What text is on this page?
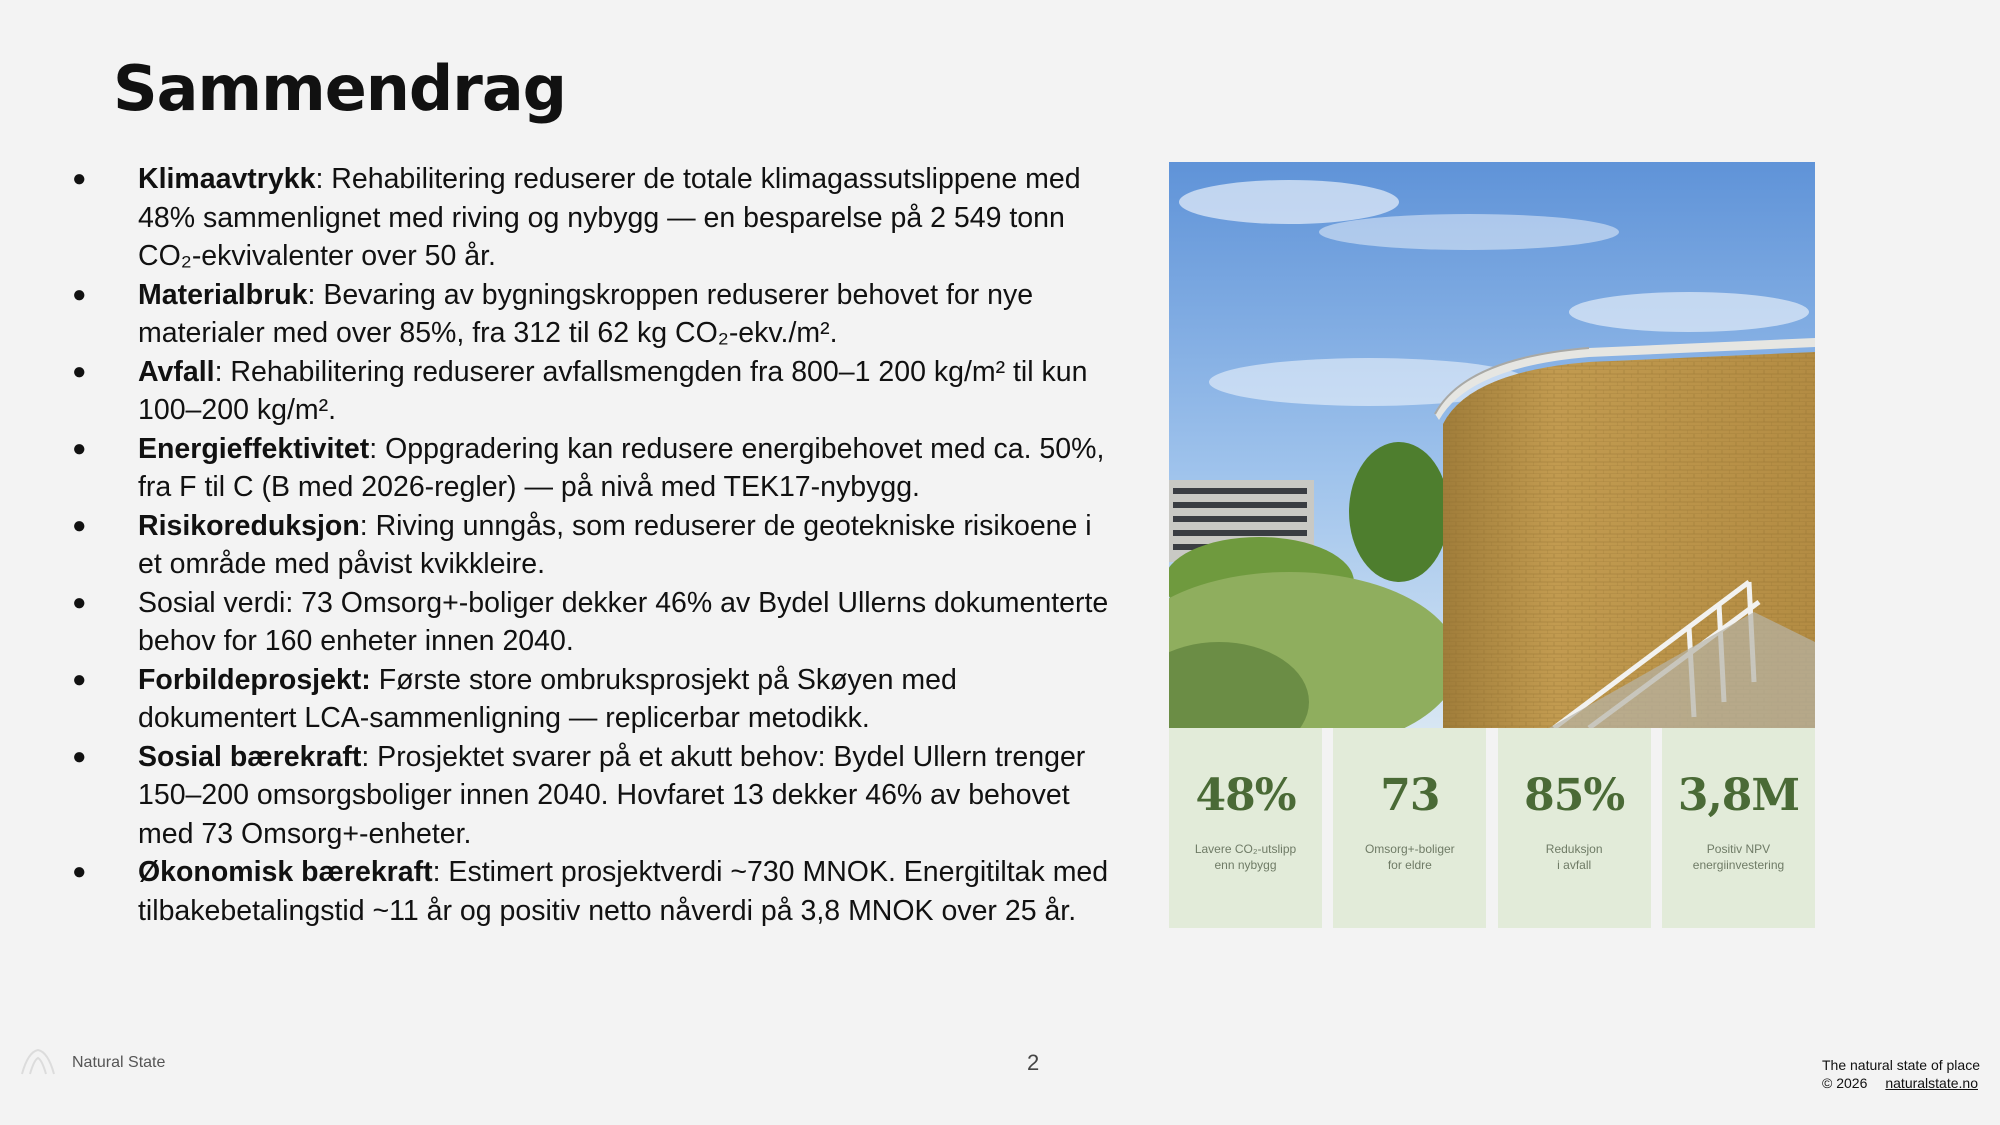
Sammendrag
● Klimaavtrykk: Rehabilitering reduserer de totale klimagassutslippene med 48% sammenlignet med riving og nybygg — en besparelse på 2 549 tonn CO₂-ekvivalenter over 50 år.
● Materialbruk: Bevaring av bygningskroppen reduserer behovet for nye materialer med over 85%, fra 312 til 62 kg CO₂-ekv./m².
● Avfall: Rehabilitering reduserer avfallsmengden fra 800–1 200 kg/m² til kun 100–200 kg/m².
● Energieffektivitet: Oppgradering kan redusere energibehovet med ca. 50%, fra F til C (B med 2026-regler) — på nivå med TEK17-nybygg.
● Risikoreduksjon: Riving unngås, som reduserer de geotekniske risikoene i et område med påvist kvikkleire.
● Sosial verdi: 73 Omsorg+-boliger dekker 46% av Bydel Ullerns dokumenterte behov for 160 enheter innen 2040.
● Forbildeprosjekt: Første store ombruksprosjekt på Skøyen med dokumentert LCA-sammenligning — replicerbar metodikk.
● Sosial bærekraft: Prosjektet svarer på et akutt behov: Bydel Ullern trenger 150–200 omsorgsboliger innen 2040. Hovfaret 13 dekker 46% av behovet med 73 Omsorg+-enheter.
● Økonomisk bærekraft: Estimert prosjektverdi ~730 MNOK. Energitiltak med tilbakebetalingstid ~11 år og positiv netto nåverdi på 3,8 MNOK over 25 år.
48%
Lavere CO₂-utslipp
enn nybygg
73
Omsorg+-boliger
for eldre
85%
Reduksjon
i avfall
3,8M
Positiv NPV
energiinvestering
Natural State	2	The natural state of place
© 2026 naturalstate.no
